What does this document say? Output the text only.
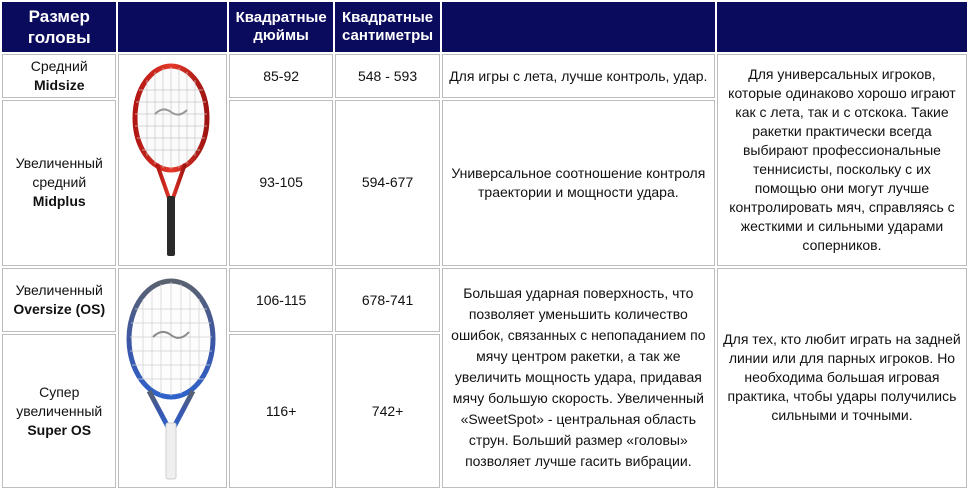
Размер головы		Квадратные дюймы	Квадратные сантиметры		

Средний
Midsize		85-92	548 - 593	Для игры с лета, лучше контроль, удар.	Для универсальных игроков, которые одинаково хорошо играют как с лета, так и с отскока. Такие ракетки практически всегда выбирают профессиональные теннисисты, поскольку с их помощью они могут лучше контролировать мяч, справляясь с жесткими и сильными ударами соперников.

Увеличенный средний
Midplus		93-105	594-677	Универсальное соотношение контроля траектории и мощности удара.	

Увеличенный
Oversize (OS)		106-115	678-741	Большая ударная поверхность, что позволяет уменьшить количество ошибок, связанных с непопаданием по мячу центром ракетки, а так же увеличить мощность удара, придавая мячу большую скорость. Увеличенный «SweetSpot» - центральная область струн. Больший размер «головы» позволяет лучше гасить вибрации.	Для тех, кто любит играть на задней линии или для парных игроков. Но необходима большая игровая практика, чтобы удары получились сильными и точными.

Супер увеличенный
Super OS		116+	742+		
